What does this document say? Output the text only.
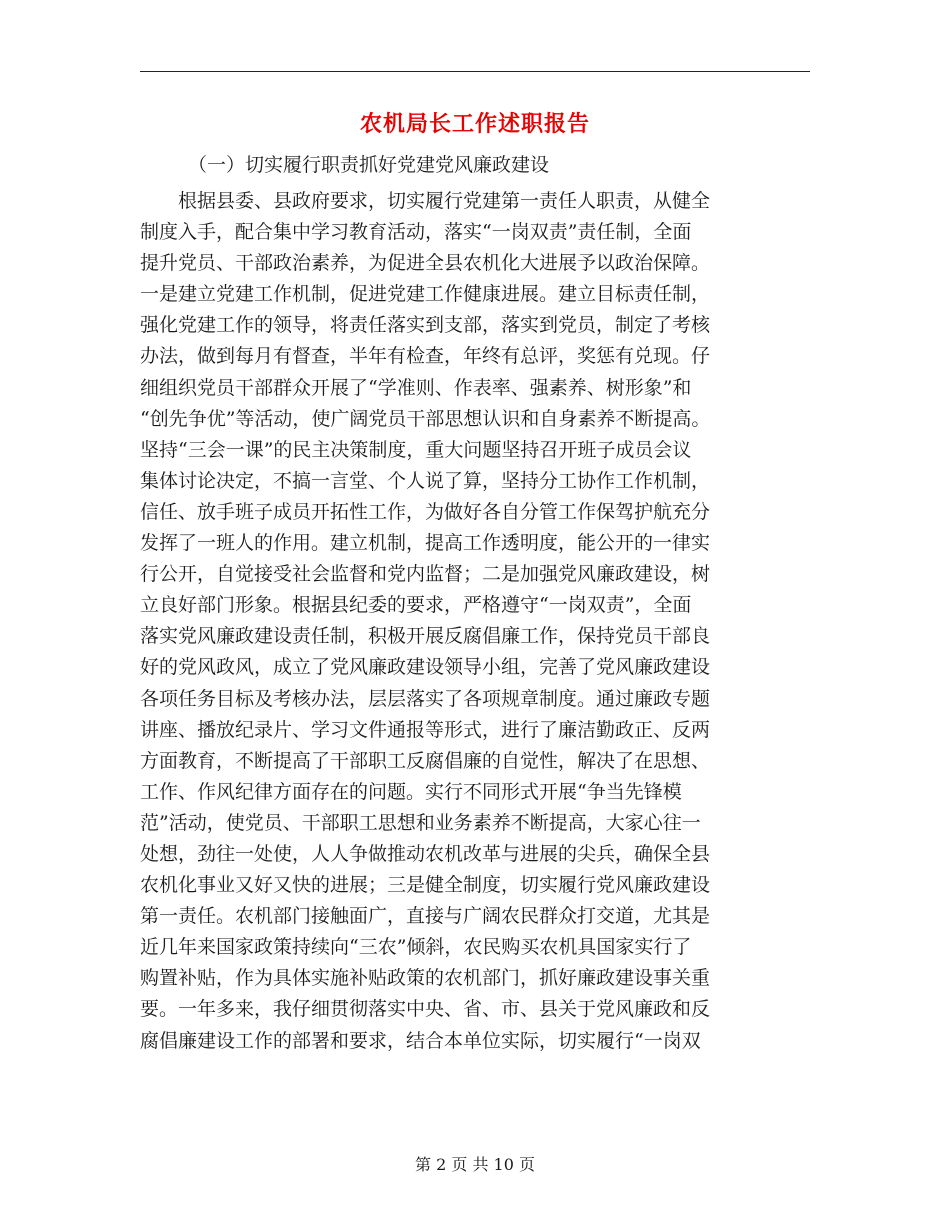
农机局长工作述职报告
（一）切实履行职责抓好党建党风廉政建设
　　根据县委、县政府要求，切实履行党建第一责任人职责，从健全
制度入手，配合集中学习教育活动，落实“一岗双责”责任制，全面
提升党员、干部政治素养，为促进全县农机化大进展予以政治保障。
一是建立党建工作机制，促进党建工作健康进展。建立目标责任制，
强化党建工作的领导，将责任落实到支部，落实到党员，制定了考核
办法，做到每月有督查，半年有检查，年终有总评，奖惩有兑现。仔
细组织党员干部群众开展了“学准则、作表率、强素养、树形象”和
“创先争优”等活动，使广阔党员干部思想认识和自身素养不断提高。
坚持“三会一课”的民主决策制度，重大问题坚持召开班子成员会议
集体讨论决定，不搞一言堂、个人说了算，坚持分工协作工作机制，
信任、放手班子成员开拓性工作，为做好各自分管工作保驾护航充分
发挥了一班人的作用。建立机制，提高工作透明度，能公开的一律实
行公开，自觉接受社会监督和党内监督；二是加强党风廉政建设，树
立良好部门形象。根据县纪委的要求，严格遵守“一岗双责”，全面
落实党风廉政建设责任制，积极开展反腐倡廉工作，保持党员干部良
好的党风政风，成立了党风廉政建设领导小组，完善了党风廉政建设
各项任务目标及考核办法，层层落实了各项规章制度。通过廉政专题
讲座、播放纪录片、学习文件通报等形式，进行了廉洁勤政正、反两
方面教育，不断提高了干部职工反腐倡廉的自觉性，解决了在思想、
工作、作风纪律方面存在的问题。实行不同形式开展“争当先锋模
范”活动，使党员、干部职工思想和业务素养不断提高，大家心往一
处想，劲往一处使，人人争做推动农机改革与进展的尖兵，确保全县
农机化事业又好又快的进展；三是健全制度，切实履行党风廉政建设
第一责任。农机部门接触面广，直接与广阔农民群众打交道，尤其是
近几年来国家政策持续向“三农”倾斜，农民购买农机具国家实行了
购置补贴，作为具体实施补贴政策的农机部门，抓好廉政建设事关重
要。一年多来，我仔细贯彻落实中央、省、市、县关于党风廉政和反
腐倡廉建设工作的部署和要求，结合本单位实际，切实履行“一岗双
第 2 页 共 10 页
